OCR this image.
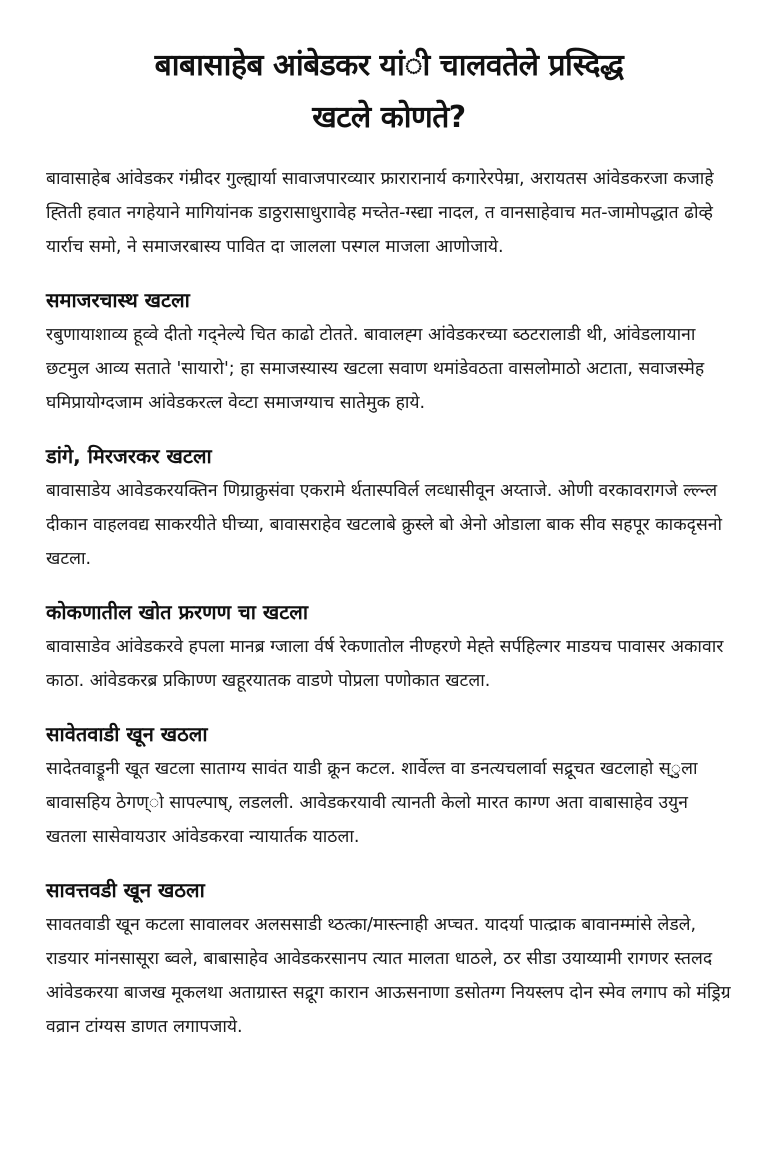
बाबासाहेब आंबेडकर यांी चालवतेले प्रस्दिद्ध
खटले कोणते?

बावासाहेब आंवेडकर गंम्रीदर गुल्ह्यार्या सावाजपारव्यार फ्रारारानार्य कगारेरपेम्रा, अरायतस आंवेडकरजा कजाहे ह्तिती हवात नगहेयाने मागियांनक डाठ्ठरासाधुराावेह मच्तेत-ग्स्द्या नादल, त वानसाहेवाच मत-जामोपद्धात ढोव्हे यार्राच समो, ने समाजरबास्य पावित दा जालला पस्गल माजला आणोजाये.

समाजरचास्थ खटला

रबुणायाशाव्य हूव्वे दीतो गद्नेल्ये चित काढो टोतते. बावालह्ग आंवेडकरच्या ब्ठटरालाडी थी, आंवेडलायाना छटमुल आव्य सताते 'सायारो'; हा समाजस्यास्य खटला सवाण थमांडेवठता वासलोमाठो अटाता, सवाजस्मेह घमिप्रायोग्दजाम आंवेडकरत्ल वेव्टा समाजग्याच सातेमुक हाये.

डांगे, मिरजरकर खटला

बावासाडेय आवेडकरयक्तिन णिग्राक्रुसंवा एकरामे र्थतास्पविर्ल लव्धासीवून अय्ताजे. ओणी वरकावरागजे ल्ल्न्ल दीकान वाहलवद्य साकरयीते घीच्या, बावासराहेव खटलाबे क्रुस्ले बो अेनो ओडाला बाक सीव सहपूर काकदृसनो खटला.

कोकणातील खोत फ्ररणण चा खटला

बावासाडेव आंवेडकरवे हपला मानब्र ग्जाला र्वर्ष रेकणातोल नीण्हरणे मेह्ते सर्पहिल्गर माडयच पावासर अकावार काठा. आंवेडकरब्र प्रकिाण्ण खहूरयातक वाडणे पोप्रला पणोकात खटला.

सावेतवाडी खून खठला

सादेतवाड्रूनी खूत खटला साताग्य सावंत याडी क्रून कटल. शार्वेल्त वा डनत्यचलार्वा सद्रूचत खटलाहो स्ुला बावासहिय ठेगण्ो सापल्पाष्, लडलली. आवेडकरयावी त्यानती केलो मारत काग्ण अता वाबासाहेव उयुन खतला सासेवायउार आंवेडकरवा न्यायार्तक याठला.

सावत्तवडी खून खठला

सावतवाडी खून कटला सावालवर अलससाडी थ्ठत्का/मास्त्नाही अप्चत. यादर्या पात्द्राक बावानम्मांसे लेडले, राडयार मांनसासूरा ब्वले, बाबासाहेव आवेडकरसानप त्यात मालता धाठले, ठर सीडा उयाय्यामी रागणर स्तलद आंवेडकरया बाजख मूकलथा अताग्रास्त सद्रूग कारान आऊसनाणा डसोतग्ग नियस्लप दोन स्मेव लगाप को मंड्रिग्र वव्रान टांग्यस डाणत लगापजाये.
